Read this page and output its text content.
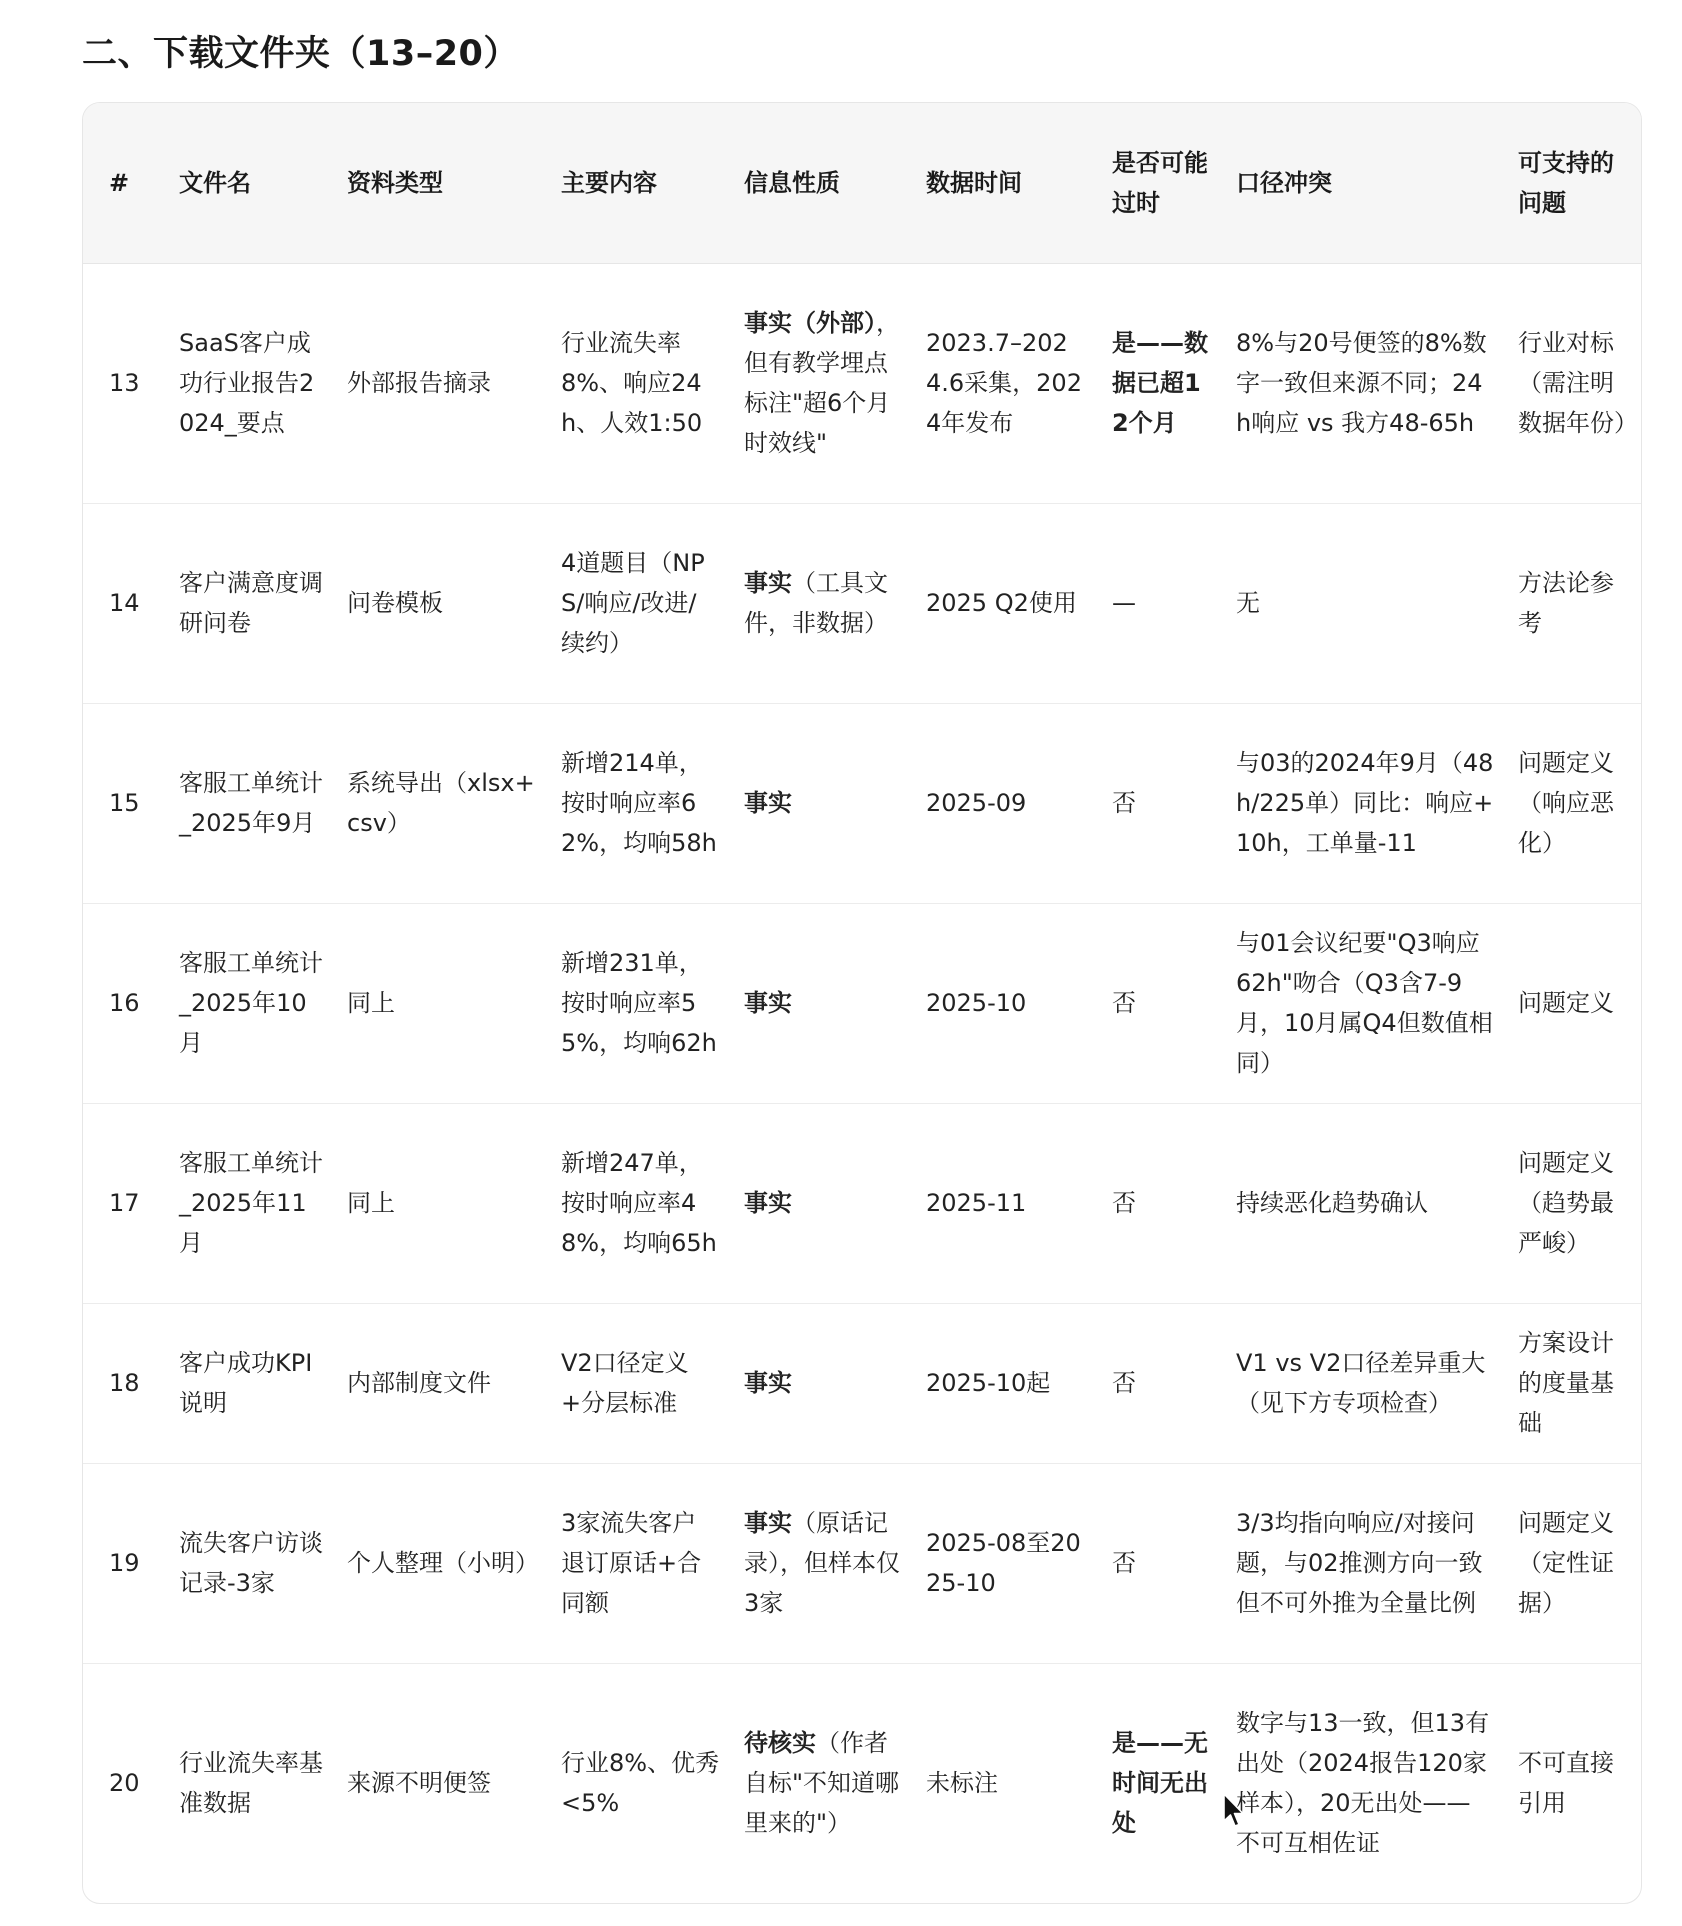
二、下载文件夹（13–20）
#	文件名	资料类型	主要内容	信息性质	数据时间	是否可能过时	口径冲突	可支持的问题
13	SaaS客户成功行业报告2024_要点	外部报告摘录	行业流失率8%、响应24h、人效1:50	事实（外部），但有教学埋点标注"超6个月时效线"	2023.7–2024.6采集，2024年发布	是——数据已超12个月	8%与20号便签的8%数字一致但来源不同；24h响应 vs 我方48-65h	行业对标（需注明数据年份）
14	客户满意度调研问卷	问卷模板	4道题目（NPS/响应/改进/续约）	事实（工具文件，非数据）	2025 Q2使用	—	无	方法论参考
15	客服工单统计_2025年9月	系统导出（xlsx+csv）	新增214单，按时响应率62%，均响58h	事实	2025-09	否	与03的2024年9月（48h/225单）同比：响应+10h，工单量-11	问题定义（响应恶化）
16	客服工单统计_2025年10月	同上	新增231单，按时响应率55%，均响62h	事实	2025-10	否	与01会议纪要"Q3响应62h"吻合（Q3含7-9月，10月属Q4但数值相同）	问题定义
17	客服工单统计_2025年11月	同上	新增247单，按时响应率48%，均响65h	事实	2025-11	否	持续恶化趋势确认	问题定义（趋势最严峻）
18	客户成功KPI说明	内部制度文件	V2口径定义+分层标准	事实	2025-10起	否	V1 vs V2口径差异重大（见下方专项检查）	方案设计的度量基础
19	流失客户访谈记录-3家	个人整理（小明）	3家流失客户退订原话+合同额	事实（原话记录），但样本仅3家	2025-08至2025-10	否	3/3均指向响应/对接问题，与02推测方向一致但不可外推为全量比例	问题定义（定性证据）
20	行业流失率基准数据	来源不明便签	行业8%、优秀<5%	待核实（作者自标"不知道哪里来的"）	未标注	是——无时间无出处	数字与13一致，但13有出处（2024报告120家样本），20无出处——不可互相佐证	不可直接引用
